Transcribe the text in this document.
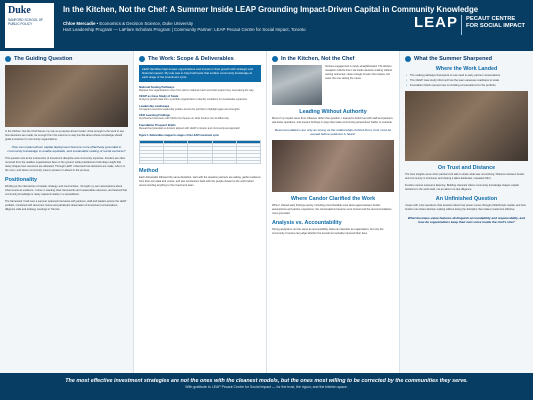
Duke
SANFORD SCHOOL OF PUBLIC POLICY
In the Kitchen, Not the Chef: A Summer Inside LEAP Grounding Impact-Driven Capital in Community Knowledge
Chloe Mercadie • Economics & Decision Science, Duke University
Hart Leadership Program — LaFlare Scholars Program | Community Partner: LEAP Pecaut Centre for Social Impact, Toronto	LEAP PECAUT CENTRE
FOR SOCIAL IMPACT
The Guiding Question
In the Kitchen, Not the Chef frames my role at a purpose-driven funder: close enough to the work to see how decisions are made, far enough from the outcome to stay humble about whose knowledge should guide investment in community organizations.
How can impact-driven capital deployment become more effectively grounded in community knowledge to enable equitable, and sustainable scaling of social ventures?
This question sits at the intersection of investment discipline and community expertise. Funders are often removed from the realities organizations face on the ground, while practitioners hold deep insight that rarely shapes how resources are allocated. Through LEAP I observed how decisions are made, who is in the room, and where community voice is present or absent in the process.
Positionality
Working at the intersection of capital, strategy, and communities, I brought my own assumptions about what counts as evidence. I came in wanting clear frameworks and measurable outcomes, and learned that community knowledge is rarely captured neatly in a spreadsheet.
The framework I built over a summer spanned interviews with partners, staff and leaders across the LEAP portfolio, combined with document review and participant observation of investment conversations, diligence calls and strategy meetings in Toronto.
The Work: Scope & Deliverables
LEAP identifies high-impact organizations and invests in their growth with strategic and financial support. My role was to help build tools that surface community knowledge at each stage of the investment cycle.
National Scaling Pathways
Mapped how organizations move from pilot to national reach and what support they need along the way.
CEGP as Case Study of Scale
Analyzed growth data from a portfolio organization to identify conditions for sustainable expansion.
Leadership Landscape
Compared executive leadership profiles across the portfolio to highlight gaps and strengths.
CEO Learning Findings
Synthesized interviews with CEOs into themes on what funders can do differently.
Foundation Prospect Briefs
Researched potential co-funders aligned with LEAP's mission and community-led approach.
Figure 1. Deliverables mapped to stages of the LEAP investment cycle

Method
Each deliverable followed the same discipline: start with the question partners are asking, gather evidence from their own data and voices, and test conclusions back with the people closest to the work before recommending anything to the investment team.
In the Kitchen, Not the Chef
Venture engagement is rarely straightforward. The kitchen metaphor reflects how I sat inside decision-making without owning outcomes: close enough to learn the recipes, but never the one setting the menu.
Leading Without Authority
Most of my impact came from influence rather than position. I learned to build trust with staff and partners, ask better questions, and present findings in ways that made community perspectives harder to overlook.
Recommendations are only as strong as the relationships behind them; trust must be earned before evidence is heard.
Where Candor Clarified the Work
When I shared early findings openly, including uncomfortable ones about gaps between funder assumptions and partner experience, the conversations became more honest and the recommendations more grounded.
Analysis vs. Accountability
Strong analysis is not the same as accountability. Data can describe an organization, but only the community it serves can judge whether the investment actually improved their lives.
What the Summer Sharpened
Where the Work Landed
• The scaling pathways framework is now used in early partner conversations.
• The CEGP case study informed how the team assesses readiness to scale.
• Foundation briefs opened new co-funding conversations for the portfolio.
On Trust and Distance
The best insights came when partners felt safe to share what was not working. Distance between funder and community is structural, and closing it takes deliberate, repeated effort.
Funders cannot outsource listening. Building channels where community knowledge shapes capital decisions is the work itself, not an add-on to due diligence.
An Unfinished Question
I leave with more questions than answers about how power moves through philanthropic capital, and how funders can share decision-making without losing the discipline that makes investment effective.
What business-value features distinguish accountability and responsibility, and how do organizations keep their own voice inside the chef's role?
The most effective investment strategies are not the ones with the cleanest models, but the ones most willing to be corrected by the communities they serve.
With gratitude to LEAP Pecaut Centre for Social Impact — for the trust, the rigour, and the kitchen space.
